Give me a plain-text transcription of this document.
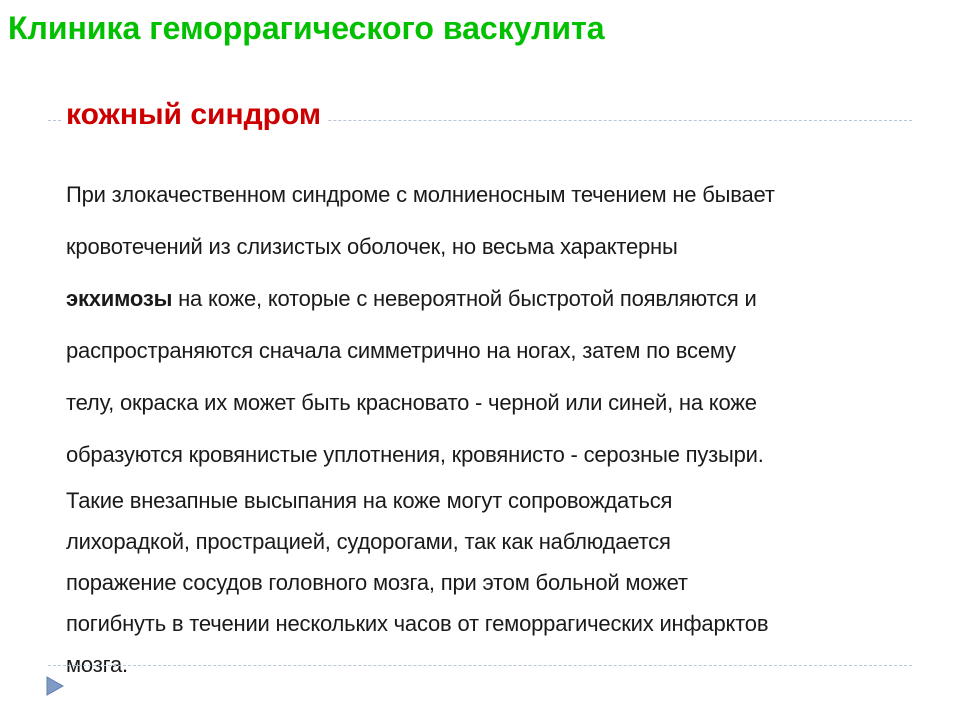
Клиника геморрагического васкулита
кожный синдром

При злокачественном синдроме с молниеносным течением не бывает
кровотечений из слизистых оболочек, но весьма характерны
экхимозы на коже, которые с невероятной быстротой появляются и
распространяются сначала симметрично на ногах, затем по всему
телу, окраска их может быть красновато - черной или синей, на коже
образуются кровянистые уплотнения, кровянисто - серозные пузыри.

Такие внезапные высыпания на коже могут сопровождаться
лихорадкой, прострацией, судорогами, так как наблюдается
поражение сосудов головного мозга, при этом больной может
погибнуть в течении нескольких часов от геморрагических инфарктов
мозга.
